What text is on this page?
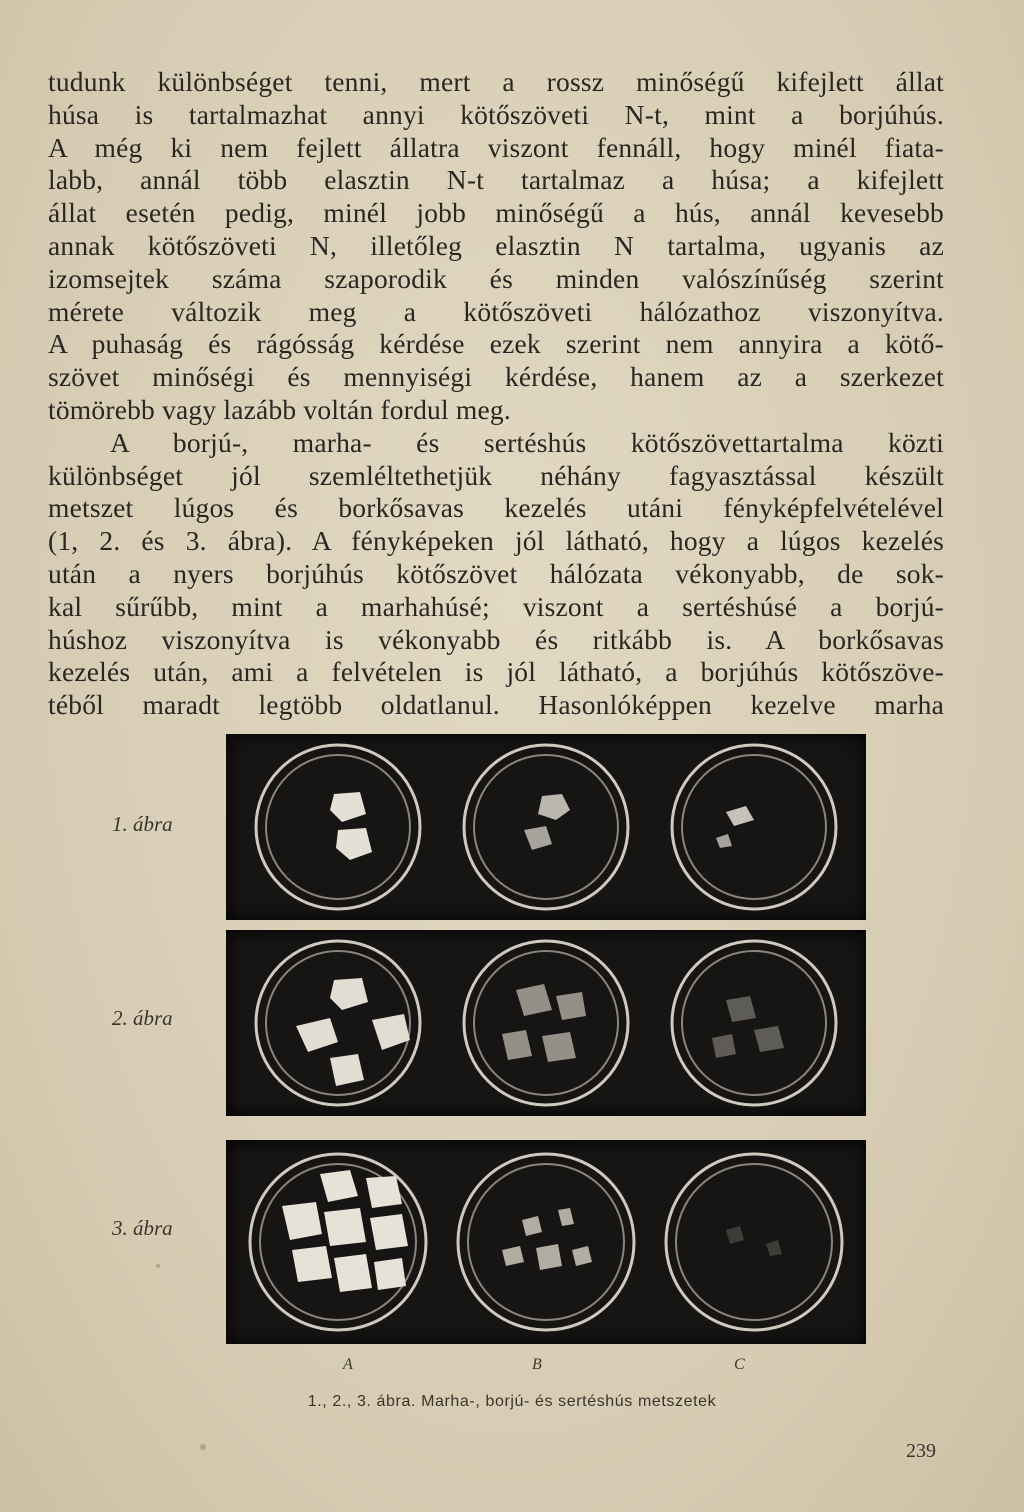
tudunk különbséget tenni, mert a rossz minőségű kifejlett állat
húsa is tartalmazhat annyi kötőszöveti N-t, mint a borjúhús.
A még ki nem fejlett állatra viszont fennáll, hogy minél fiata-
labb, annál több elasztin N-t tartalmaz a húsa; a kifejlett
állat esetén pedig, minél jobb minőségű a hús, annál kevesebb
annak kötőszöveti N, illetőleg elasztin N tartalma, ugyanis az
izomsejtek száma szaporodik és minden valószínűség szerint
mérete változik meg a kötőszöveti hálózathoz viszonyítva.
A puhaság és rágósság kérdése ezek szerint nem annyira a kötő-
szövet minőségi és mennyiségi kérdése, hanem az a szerkezet
tömörebb vagy lazább voltán fordul meg.
A borjú-, marha- és sertéshús kötőszövettartalma közti
különbséget jól szemléltethetjük néhány fagyasztással készült
metszet lúgos és borkősavas kezelés utáni fényképfelvételével
(1, 2. és 3. ábra). A fényképeken jól látható, hogy a lúgos kezelés
után a nyers borjúhús kötőszövet hálózata vékonyabb, de sok-
kal sűrűbb, mint a marhahúsé; viszont a sertéshúsé a borjú-
húshoz viszonyítva is vékonyabb és ritkább is. A borkősavas
kezelés után, ami a felvételen is jól látható, a borjúhús kötőszöve-
téből maradt legtöbb oldatlanul. Hasonlóképpen kezelve marha
1. ábra
2. ábra
3. ábra
A	B	C
1., 2., 3. ábra. Marha-, borjú- és sertéshús metszetek
239
